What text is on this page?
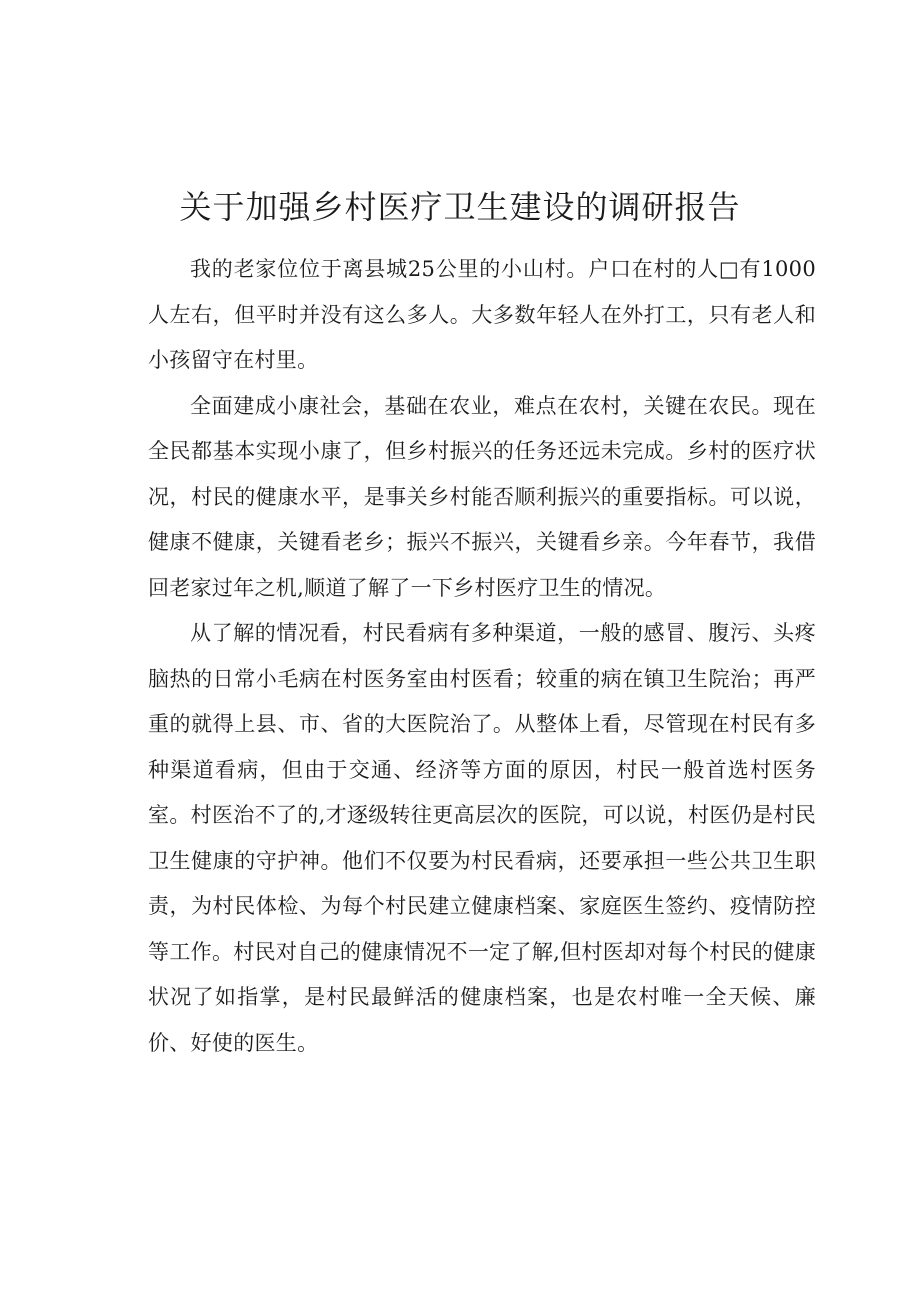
关于加强乡村医疗卫生建设的调研报告

我的老家位位于离县城25公里的小山村。户口在村的人□有1000人左右，但平时并没有这么多人。大多数年轻人在外打工，只有老人和小孩留守在村里。

全面建成小康社会，基础在农业，难点在农村，关键在农民。现在全民都基本实现小康了，但乡村振兴的任务还远未完成。乡村的医疗状况，村民的健康水平，是事关乡村能否顺利振兴的重要指标。可以说，健康不健康，关键看老乡；振兴不振兴，关键看乡亲。今年春节，我借回老家过年之机,顺道了解了一下乡村医疗卫生的情况。

从了解的情况看，村民看病有多种渠道，一般的感冒、腹污、头疼脑热的日常小毛病在村医务室由村医看；较重的病在镇卫生院治；再严重的就得上县、市、省的大医院治了。从整体上看，尽管现在村民有多种渠道看病，但由于交通、经济等方面的原因，村民一般首选村医务室。村医治不了的,才逐级转往更高层次的医院，可以说，村医仍是村民卫生健康的守护神。他们不仅要为村民看病，还要承担一些公共卫生职责，为村民体检、为每个村民建立健康档案、家庭医生签约、疫情防控等工作。村民对自己的健康情况不一定了解,但村医却对每个村民的健康状况了如指掌，是村民最鲜活的健康档案，也是农村唯一全天候、廉价、好使的医生。
